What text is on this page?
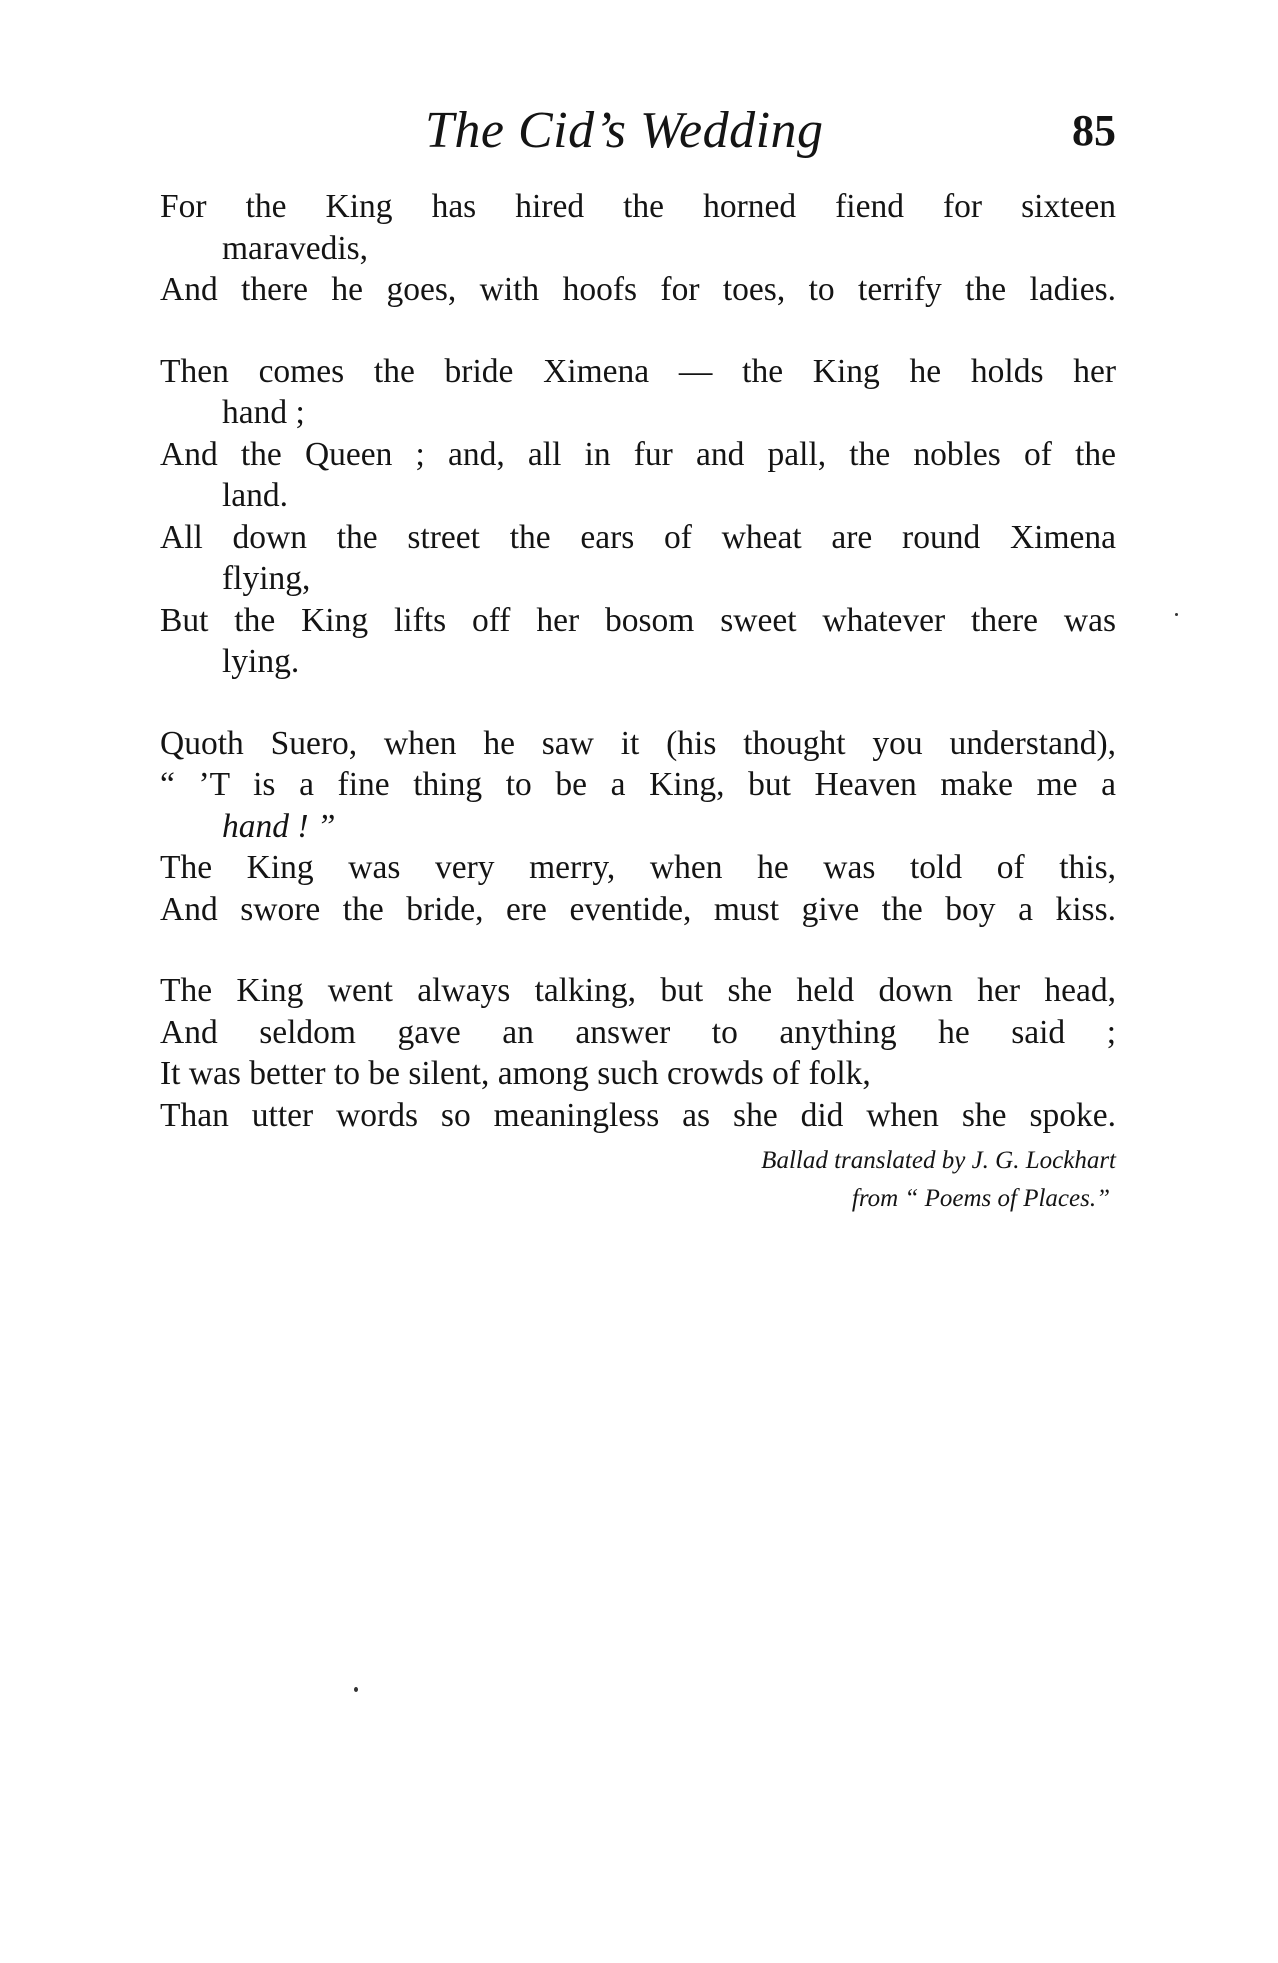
The Cid’s Wedding	85
For the King has hired the horned fiend for sixteen
maravedis,
And there he goes, with hoofs for toes, to terrify the ladies.
Then comes the bride Ximena — the King he holds her
hand ;
And the Queen ; and, all in fur and pall, the nobles of the
land.
All down the street the ears of wheat are round Ximena
flying,
But the King lifts off her bosom sweet whatever there was
lying.
Quoth Suero, when he saw it (his thought you understand),
“ ’T is a fine thing to be a King, but Heaven make me a
hand ! ”
The King was very merry, when he was told of this,
And swore the bride, ere eventide, must give the boy a kiss.
The King went always talking, but she held down her head,
And seldom gave an answer to anything he said ;
It was better to be silent, among such crowds of folk,
Than utter words so meaningless as she did when she spoke.
Ballad translated by J. G. Lockhart
from “ Poems of Places.”
